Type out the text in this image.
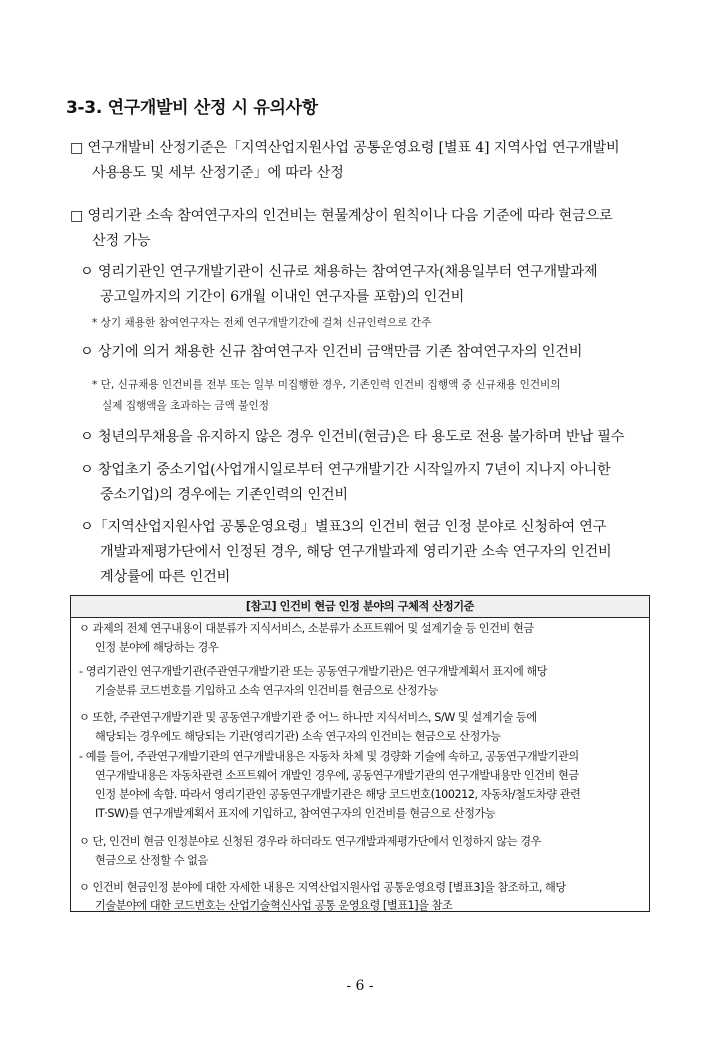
3-3. 연구개발비 산정 시 유의사항
□ 연구개발비 산정기준은「지역산업지원사업 공통운영요령 [별표 4] 지역사업 연구개발비
사용용도 및 세부 산정기준」에 따라 산정
□ 영리기관 소속 참여연구자의 인건비는 현물계상이 원칙이나 다음 기준에 따라 현금으로
산정 가능
ㅇ 영리기관인 연구개발기관이 신규로 채용하는 참여연구자(채용일부터 연구개발과제
공고일까지의 기간이 6개월 이내인 연구자를 포함)의 인건비
* 상기 채용한 참여연구자는 전체 연구개발기간에 걸쳐 신규인력으로 간주
ㅇ 상기에 의거 채용한 신규 참여연구자 인건비 금액만큼 기존 참여연구자의 인건비
* 단, 신규채용 인건비를 전부 또는 일부 미집행한 경우, 기존인력 인건비 집행액 중 신규채용 인건비의
실제 집행액을 초과하는 금액 불인정
ㅇ 청년의무채용을 유지하지 않은 경우 인건비(현금)은 타 용도로 전용 불가하며 반납 필수
ㅇ 창업초기 중소기업(사업개시일로부터 연구개발기간 시작일까지 7년이 지나지 아니한
중소기업)의 경우에는 기존인력의 인건비
ㅇ「지역산업지원사업 공통운영요령」별표3의 인건비 현금 인정 분야로 신청하여 연구
개발과제평가단에서 인정된 경우, 해당 연구개발과제 영리기관 소속 연구자의 인건비
계상률에 따른 인건비
[참고] 인건비 현금 인정 분야의 구체적 산정기준
ㅇ 과제의 전체 연구내용이 대분류가 지식서비스, 소분류가 소프트웨어 및 설계기술 등 인건비 현금
인정 분야에 해당하는 경우
- 영리기관인 연구개발기관(주관연구개발기관 또는 공동연구개발기관)은 연구개발계획서 표지에 해당
기술분류 코드번호를 기입하고 소속 연구자의 인건비를 현금으로 산정가능
ㅇ 또한, 주관연구개발기관 및 공동연구개발기관 중 어느 하나만 지식서비스, S/W 및 설계기술 등에
해당되는 경우에도 해당되는 기관(영리기관) 소속 연구자의 인건비는 현금으로 산정가능
- 예를 들어, 주관연구개발기관의 연구개발내용은 자동차 차체 및 경량화 기술에 속하고, 공동연구개발기관의
연구개발내용은 자동차관련 소프트웨어 개발인 경우에, 공동연구개발기관의 연구개발내용만 인건비 현금
인정 분야에 속함. 따라서 영리기관인 공동연구개발기관은 해당 코드번호(100212, 자동차/철도차량 관련
IT·SW)를 연구개발계획서 표지에 기입하고, 참여연구자의 인건비를 현금으로 산정가능
ㅇ 단, 인건비 현금 인정분야로 신청된 경우라 하더라도 연구개발과제평가단에서 인정하지 않는 경우
현금으로 산정할 수 없음
ㅇ 인건비 현금인정 분야에 대한 자세한 내용은 지역산업지원사업 공통운영요령 [별표3]을 참조하고, 해당
기술분야에 대한 코드번호는 산업기술혁신사업 공통 운영요령 [별표1]을 참조
- 6 -
